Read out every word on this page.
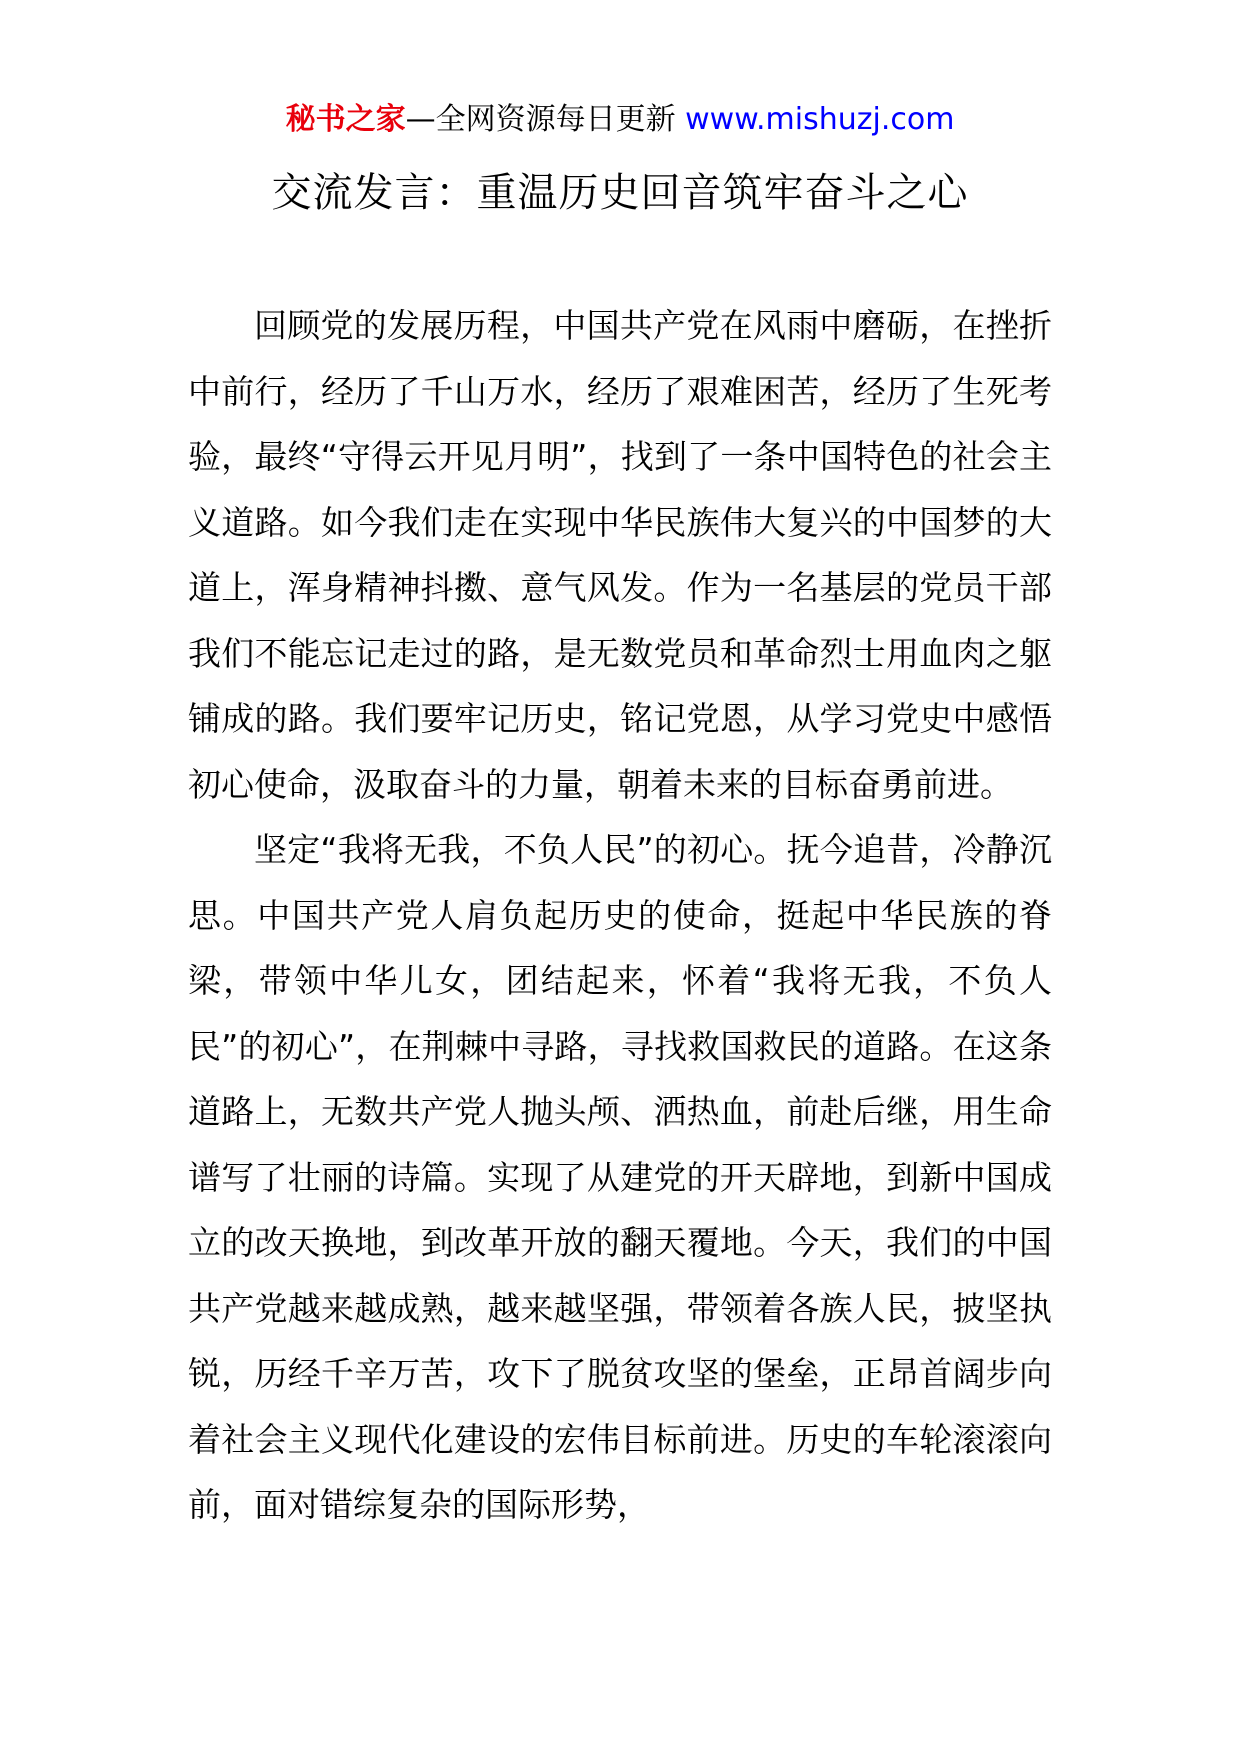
秘书之家—全网资源每日更新 www.mishuzj.com
交流发言：重温历史回音筑牢奋斗之心

回顾党的发展历程，中国共产党在风雨中磨砺，在挫折中前行，经历了千山万水，经历了艰难困苦，经历了生死考验，最终“守得云开见月明”，找到了一条中国特色的社会主义道路。如今我们走在实现中华民族伟大复兴的中国梦的大道上，浑身精神抖擞、意气风发。作为一名基层的党员干部我们不能忘记走过的路，是无数党员和革命烈士用血肉之躯铺成的路。我们要牢记历史，铭记党恩，从学习党史中感悟初心使命，汲取奋斗的力量，朝着未来的目标奋勇前进。

坚定“我将无我，不负人民”的初心。抚今追昔，冷静沉思。中国共产党人肩负起历史的使命，挺起中华民族的脊梁，带领中华儿女，团结起来，怀着“我将无我，不负人民”的初心”，在荆棘中寻路，寻找救国救民的道路。在这条道路上，无数共产党人抛头颅、洒热血，前赴后继，用生命谱写了壮丽的诗篇。实现了从建党的开天辟地，到新中国成立的改天换地，到改革开放的翻天覆地。今天，我们的中国共产党越来越成熟，越来越坚强，带领着各族人民，披坚执锐，历经千辛万苦，攻下了脱贫攻坚的堡垒，正昂首阔步向着社会主义现代化建设的宏伟目标前进。历史的车轮滚滚向前，面对错综复杂的国际形势，
